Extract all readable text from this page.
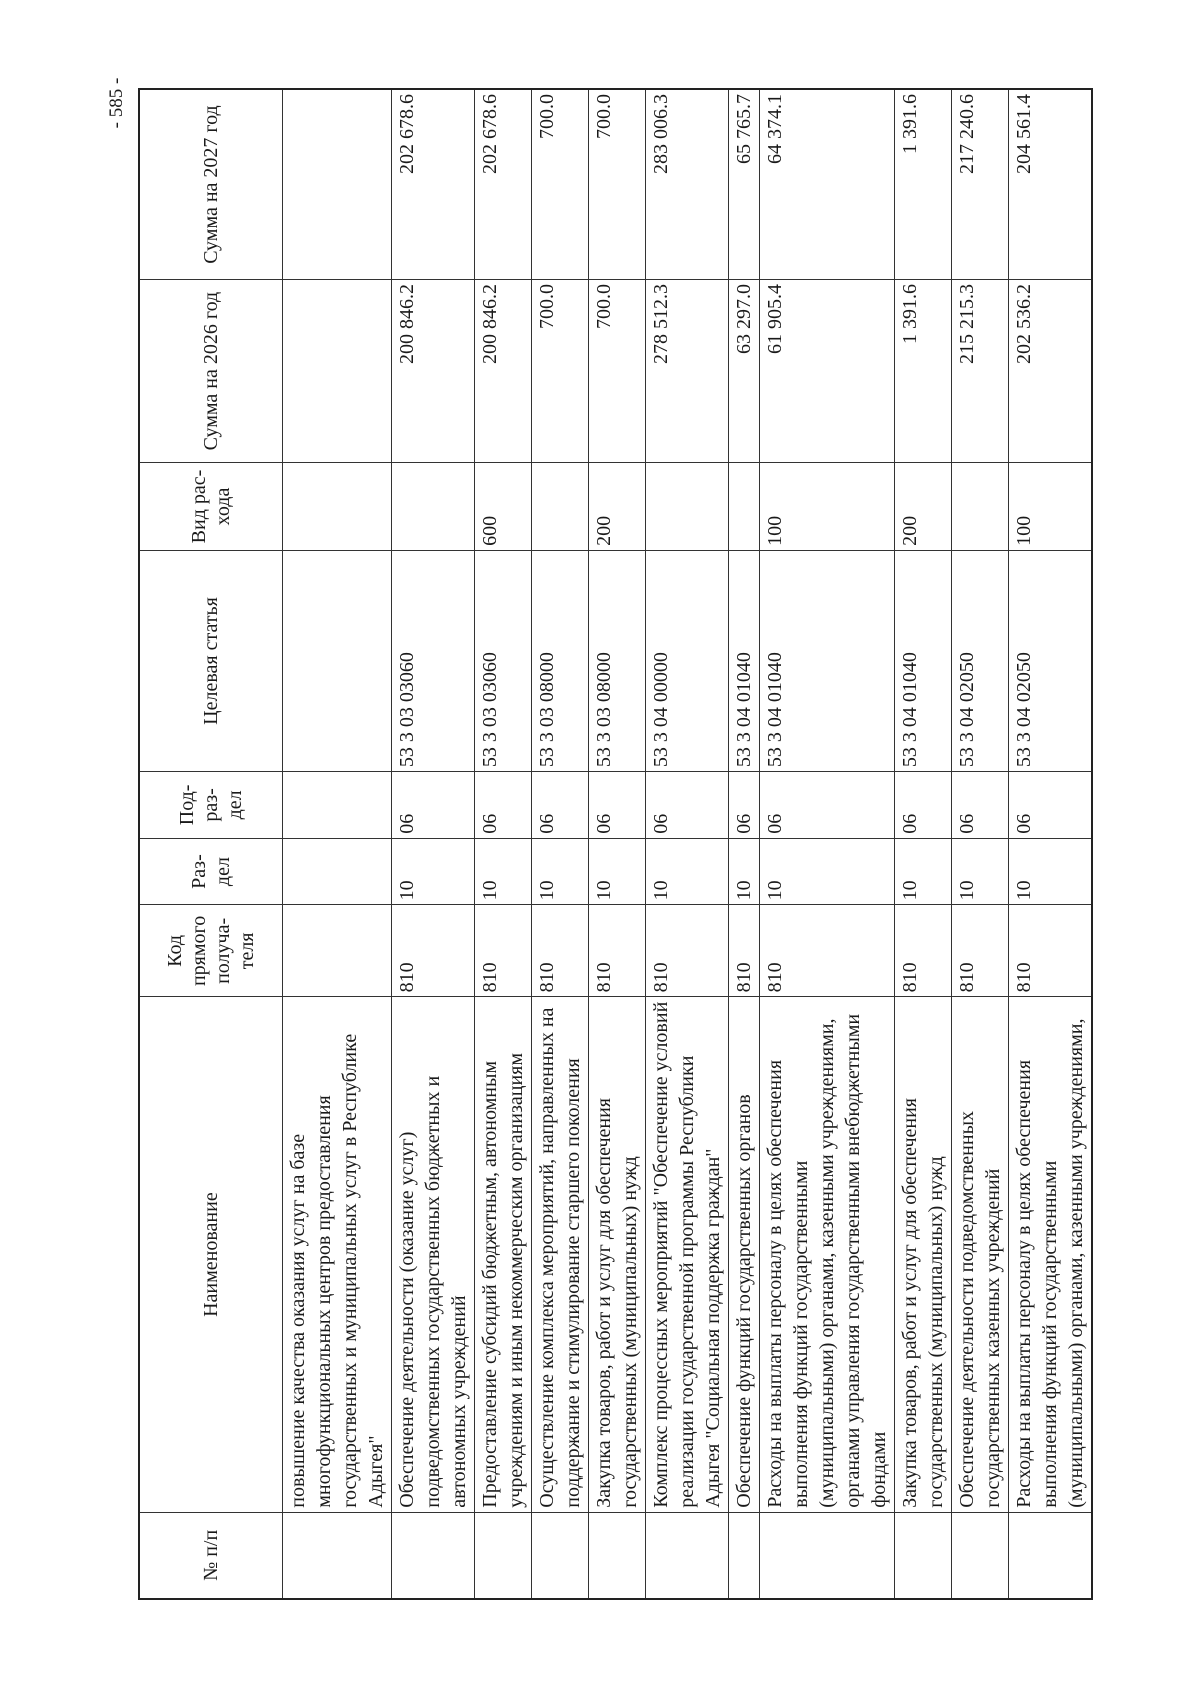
- 585 -
№ п/п	Наименование	Код прямого получа-теля	Раз-дел	Под-раз-дел	Целевая статья	Вид рас-хода	Сумма на 2026 год	Сумма на 2027 год
	повышение качества оказания услуг на базе многофункциональных центров предоставления государственных и муниципальных услуг в Республике Адыгея"							
	Обеспечение деятельности (оказание услуг) подведомственных государственных бюджетных и автономных учреждений	810	10	06	53 3 03 03060		200 846.2	202 678.6
	Предоставление субсидий бюджетным, автономным учреждениям и иным некоммерческим организациям	810	10	06	53 3 03 03060	600	200 846.2	202 678.6
	Осуществление комплекса мероприятий, направленных на поддержание и стимулирование старшего поколения	810	10	06	53 3 03 08000		700.0	700.0
	Закупка товаров, работ и услуг для обеспечения государственных (муниципальных) нужд	810	10	06	53 3 03 08000	200	700.0	700.0
	Комплекс процессных мероприятий "Обеспечение условий реализации государственной программы Республики Адыгея "Социальная поддержка граждан"	810	10	06	53 3 04 00000		278 512.3	283 006.3
	Обеспечение функций государственных органов	810	10	06	53 3 04 01040		63 297.0	65 765.7
	Расходы на выплаты персоналу в целях обеспечения выполнения функций государственными (муниципальными) органами, казенными учреждениями, органами управления государственными внебюджетными фондами	810	10	06	53 3 04 01040	100	61 905.4	64 374.1
	Закупка товаров, работ и услуг для обеспечения государственных (муниципальных) нужд	810	10	06	53 3 04 01040	200	1 391.6	1 391.6
	Обеспечение деятельности подведомственных государственных казенных учреждений	810	10	06	53 3 04 02050		215 215.3	217 240.6
	Расходы на выплаты персоналу в целях обеспечения выполнения функций государственными (муниципальными) органами, казенными учреждениями,	810	10	06	53 3 04 02050	100	202 536.2	204 561.4
